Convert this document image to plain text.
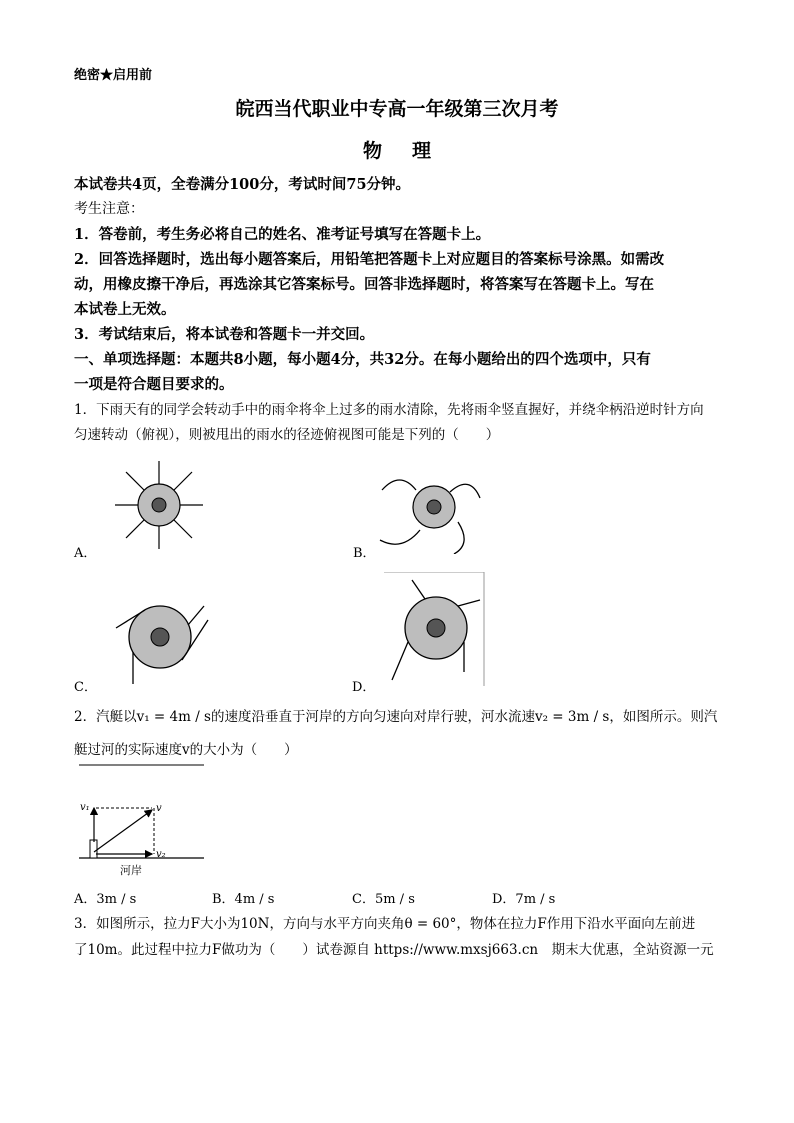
绝密★启用前
皖西当代职业中专高一年级第三次月考
物理
本试卷共4页，全卷满分100分，考试时间75分钟。
考生注意：
1．答卷前，考生务必将自己的姓名、准考证号填写在答题卡上。
2．回答选择题时，选出每小题答案后，用铅笔把答题卡上对应题目的答案标号涂黑。如需改
动，用橡皮擦干净后，再选涂其它答案标号。回答非选择题时，将答案写在答题卡上。写在
本试卷上无效。
3．考试结束后，将本试卷和答题卡一并交回。
一、单项选择题：本题共8小题，每小题4分，共32分。在每小题给出的四个选项中，只有
一项是符合题目要求的。
1．下雨天有的同学会转动手中的雨伞将伞上过多的雨水清除，先将雨伞竖直握好，并绕伞柄沿逆时针方向
匀速转动（俯视），则被甩出的雨水的径迹俯视图可能是下列的（　　）
A．	B．
C．	D．
2．汽艇以v₁ = 4m / s的速度沿垂直于河岸的方向匀速向对岸行驶，河水流速v₂ = 3m / s，如图所示。则汽
艇过河的实际速度v的大小为（　　）
v₁	v
v₂
河岸
A．3m / s	B．4m / s	C．5m / s	D．7m / s
3．如图所示，拉力F大小为10N，方向与水平方向夹角θ = 60°，物体在拉力F作用下沿水平面向左前进
了10m。此过程中拉力F做功为（　　）试卷源自 https://www.mxsj663.cn　期末大优惠，全站资源一元
